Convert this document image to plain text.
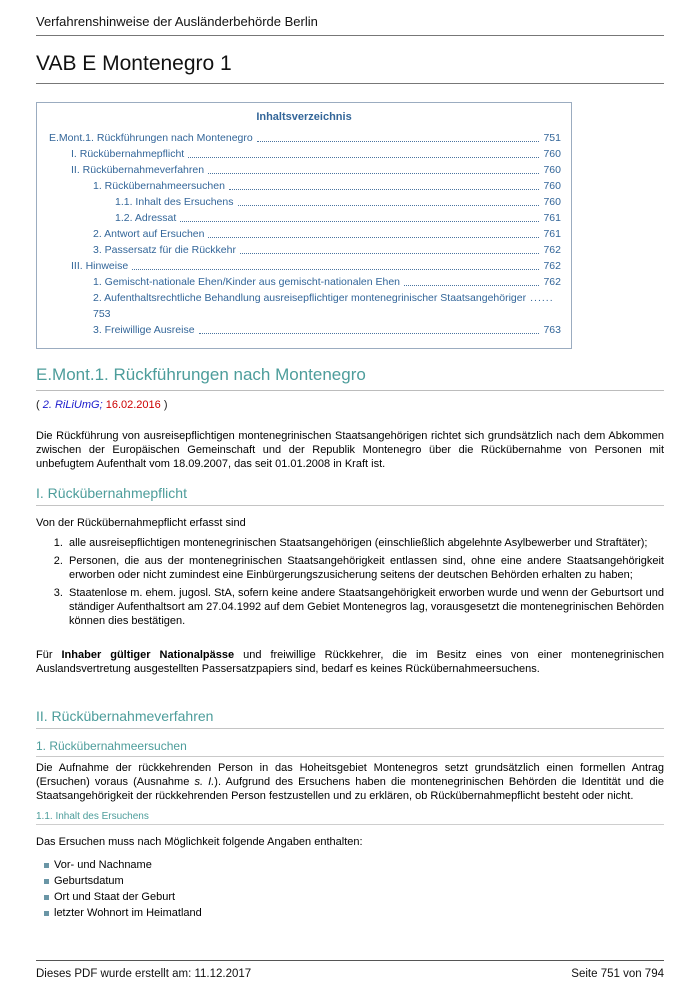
Verfahrenshinweise der Ausländerbehörde Berlin
VAB E Montenegro 1
Inhaltsverzeichnis
E.Mont.1. Rückführungen nach Montenegro	751
I. Rückübernahmepflicht	760
II. Rückübernahmeverfahren	760
1. Rückübernahmeersuchen	760
1.1. Inhalt des Ersuchens	760
1.2. Adressat	761
2. Antwort auf Ersuchen	761
3. Passersatz für die Rückkehr	762
III. Hinweise	762
1. Gemischt-nationale Ehen/Kinder aus gemischt-nationalen Ehen	762
2. Aufenthaltsrechtliche Behandlung ausreisepflichtiger montenegrinischer Staatsangehöriger ......
753
3. Freiwillige Ausreise	763
E.Mont.1. Rückführungen nach Montenegro
( 2. RiLiUmG; 16.02.2016 )

Die Rückführung von ausreisepflichtigen montenegrinischen Staatsangehörigen richtet sich grundsätzlich nach dem Abkommen zwischen der Europäischen Gemeinschaft und der Republik Montenegro über die Rückübernahme von Personen mit unbefugtem Aufenthalt vom 18.09.2007, das seit 01.01.2008 in Kraft ist.

I. Rückübernahmepflicht

Von der Rückübernahmepflicht erfasst sind

1. alle ausreisepflichtigen montenegrinischen Staatsangehörigen (einschließlich abgelehnte Asylbewerber und Straftäter);
2. Personen, die aus der montenegrinischen Staatsangehörigkeit entlassen sind, ohne eine andere Staatsangehörigkeit erworben oder nicht zumindest eine Einbürgerungszusicherung seitens der deutschen Behörden erhalten zu haben;
3. Staatenlose m. ehem. jugosl. StA, sofern keine andere Staatsangehörigkeit erworben wurde und wenn der Geburtsort und ständiger Aufenthaltsort am 27.04.1992 auf dem Gebiet Montenegros lag, vorausgesetzt die montenegrinischen Behörden können dies bestätigen.

Für Inhaber gültiger Nationalpässe und freiwillige Rückkehrer, die im Besitz eines von einer montenegrinischen Auslandsvertretung ausgestellten Passersatzpapiers sind, bedarf es keines Rückübernahmeersuchens.

II. Rückübernahmeverfahren
1. Rückübernahmeersuchen

Die Aufnahme der rückkehrenden Person in das Hoheitsgebiet Montenegros setzt grundsätzlich einen formellen Antrag (Ersuchen) voraus (Ausnahme s. I.). Aufgrund des Ersuchens haben die montenegrinischen Behörden die Identität und die Staatsangehörigkeit der rückkehrenden Person festzustellen und zu erklären, ob Rückübernahmepflicht besteht oder nicht.

1.1. Inhalt des Ersuchens

Das Ersuchen muss nach Möglichkeit folgende Angaben enthalten:

Vor- und Nachname
Geburtsdatum
Ort und Staat der Geburt
letzter Wohnort im Heimatland
Dieses PDF wurde erstellt am: 11.12.2017	Seite 751 von 794
